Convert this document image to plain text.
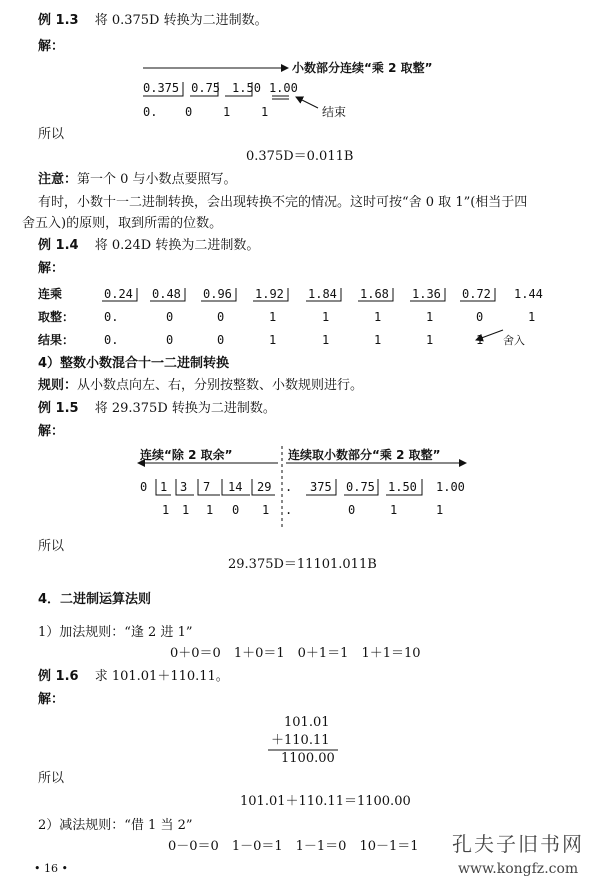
例 1.3 将 0.375D 转换为二进制数。
解：
小数部分连续“乘 2 取整”
0.375 0.75 1.50 1.00
0. 0	1	1	结束
所以
0.375D＝0.011B
注意：第一个 0 与小数点要照写。
有时，小数十一二进制转换，会出现转换不完的情况。这时可按“舍 0 取 1”(相当于四
舍五入)的原则，取到所需的位数。
例 1.4 将 0.24D 转换为二进制数。
解：
连乘
取整：
结果：
0.24 0.48 0.96 1.92 1.84 1.68 1.36 0.72 1.44
0.	0	0	1	1	1	1	0	1
0.	0	0	1	1	1	1	1 舍入
4）整数小数混合十一二进制转换
规则：从小数点向左、右，分别按整数、小数规则进行。
例 1.5 将 29.375D 转换为二进制数。
解：
连续“除 2 取余”	连续取小数部分“乘 2 取整”
0 1 3 7 14 29 . 375 0.75 1.50 1.00
1 1 1 0 1 .	0	1	1
所以
29.375D＝11101.011B
4．二进制运算法则
1）加法规则：“逢 2 进 1”
0＋0＝0　1＋0＝1　0＋1＝1　1＋1＝10
例 1.6 求 101.01＋110.11。
解：
101.01
＋110.11
1100.00
所以
101.01＋110.11＝1100.00
2）减法规则：“借 1 当 2”
0－0＝0　1－0＝1　1－1＝0　10－1＝1
• 16 •
孔夫子旧书网
www.kongfz.com
